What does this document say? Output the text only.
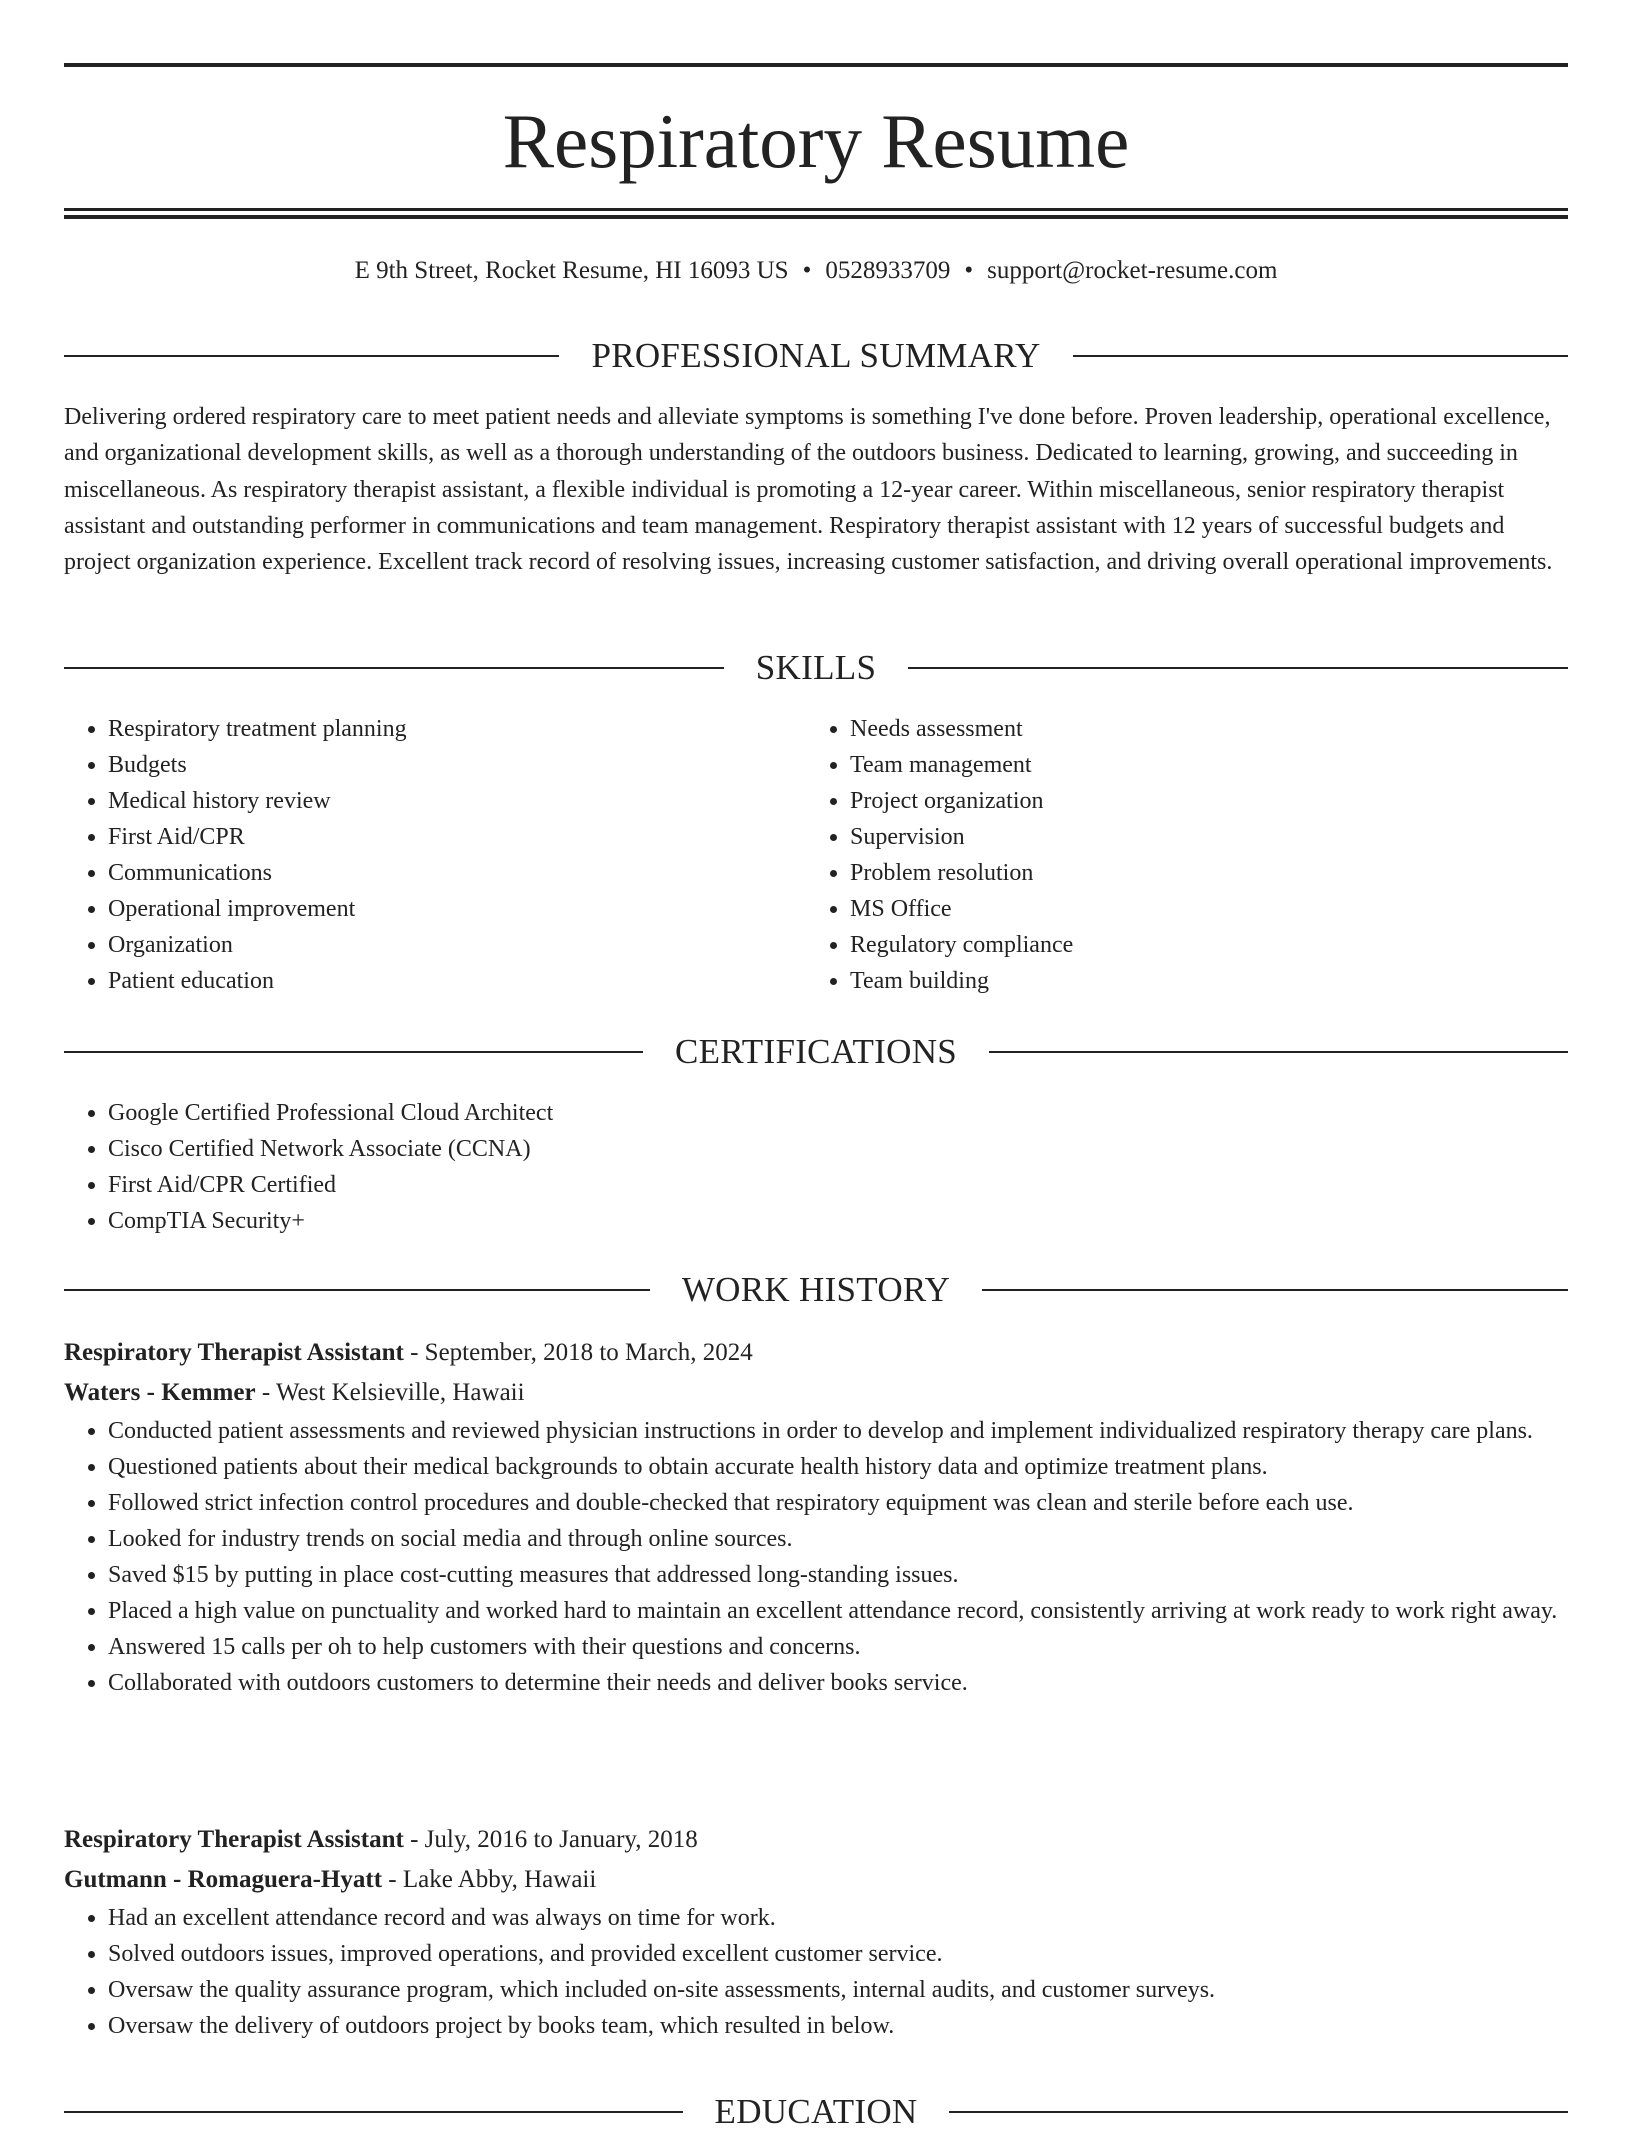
Respiratory Resume
E 9th Street, Rocket Resume, HI 16093 US • 0528933709 • support@rocket-resume.com
PROFESSIONAL SUMMARY

Delivering ordered respiratory care to meet patient needs and alleviate symptoms is something I've done before. Proven leadership, operational excellence, and organizational development skills, as well as a thorough understanding of the outdoors business. Dedicated to learning, growing, and succeeding in miscellaneous. As respiratory therapist assistant, a flexible individual is promoting a 12-year career. Within miscellaneous, senior respiratory therapist assistant and outstanding performer in communications and team management. Respiratory therapist assistant with 12 years of successful budgets and project organization experience. Excellent track record of resolving issues, increasing customer satisfaction, and driving overall operational improvements.

SKILLS
• Respiratory treatment planning
• Budgets
• Medical history review
• First Aid/CPR
• Communications
• Operational improvement
• Organization
• Patient education
• Needs assessment
• Team management
• Project organization
• Supervision
• Problem resolution
• MS Office
• Regulatory compliance
• Team building
CERTIFICATIONS
• Google Certified Professional Cloud Architect
• Cisco Certified Network Associate (CCNA)
• First Aid/CPR Certified
• CompTIA Security+
WORK HISTORY
Respiratory Therapist Assistant - September, 2018 to March, 2024
Waters - Kemmer - West Kelsieville, Hawaii
• Conducted patient assessments and reviewed physician instructions in order to develop and implement individualized respiratory therapy care plans.
• Questioned patients about their medical backgrounds to obtain accurate health history data and optimize treatment plans.
• Followed strict infection control procedures and double-checked that respiratory equipment was clean and sterile before each use.
• Looked for industry trends on social media and through online sources.
• Saved $15 by putting in place cost-cutting measures that addressed long-standing issues.
• Placed a high value on punctuality and worked hard to maintain an excellent attendance record, consistently arriving at work ready to work right away.
• Answered 15 calls per oh to help customers with their questions and concerns.
• Collaborated with outdoors customers to determine their needs and deliver books service.
Respiratory Therapist Assistant - July, 2016 to January, 2018
Gutmann - Romaguera-Hyatt - Lake Abby, Hawaii
• Had an excellent attendance record and was always on time for work.
• Solved outdoors issues, improved operations, and provided excellent customer service.
• Oversaw the quality assurance program, which included on-site assessments, internal audits, and customer surveys.
• Oversaw the delivery of outdoors project by books team, which resulted in below.
EDUCATION
